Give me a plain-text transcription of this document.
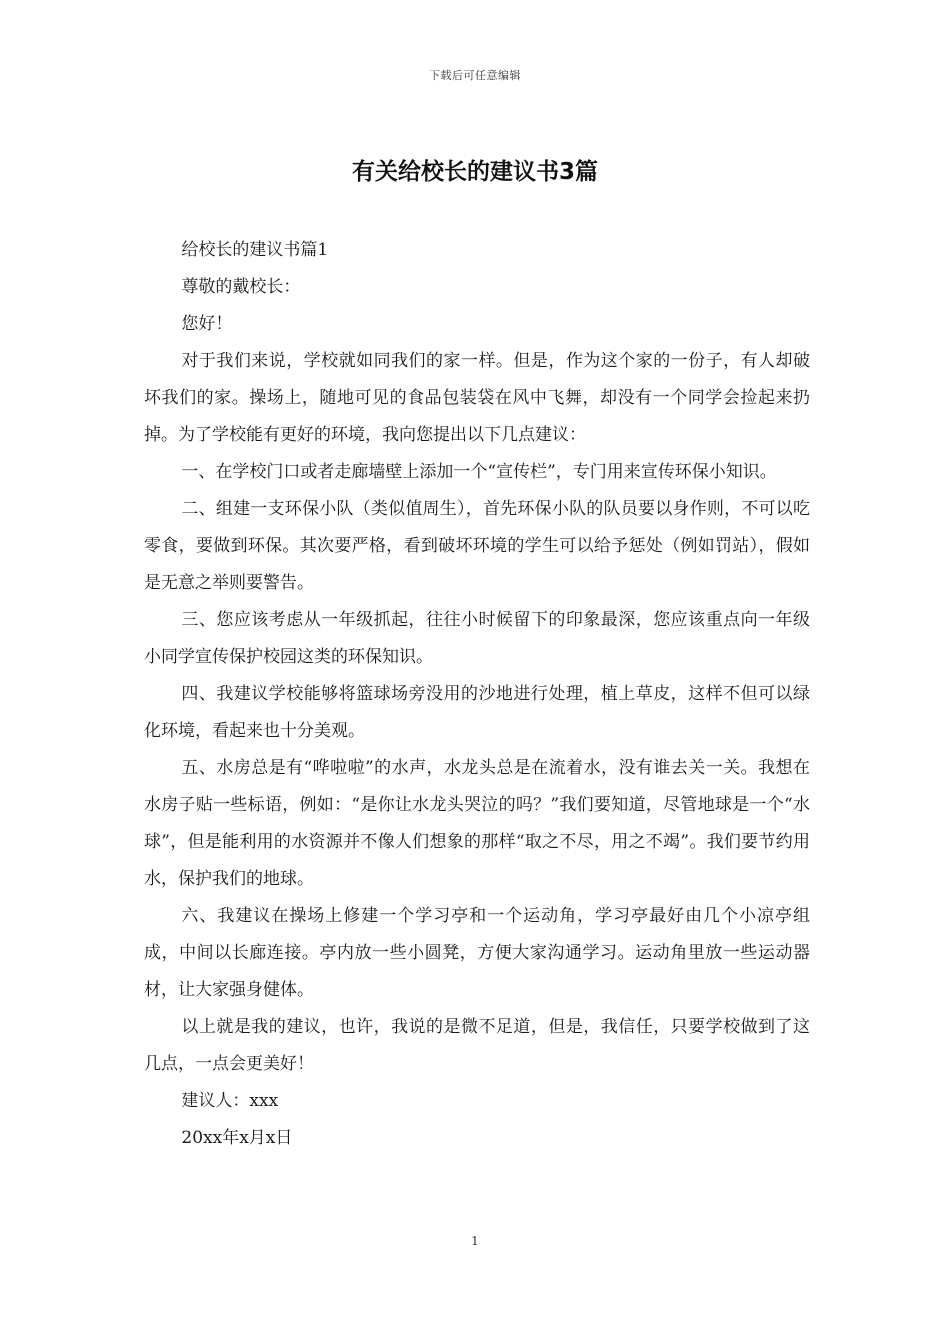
下载后可任意编辑
有关给校长的建议书3篇

给校长的建议书篇1

尊敬的戴校长：

您好！

对于我们来说，学校就如同我们的家一样。但是，作为这个家的一份子，有人却破坏我们的家。操场上，随地可见的食品包装袋在风中飞舞，却没有一个同学会捡起来扔掉。为了学校能有更好的环境，我向您提出以下几点建议：

一、在学校门口或者走廊墙壁上添加一个“宣传栏”，专门用来宣传环保小知识。

二、组建一支环保小队（类似值周生），首先环保小队的队员要以身作则，不可以吃零食，要做到环保。其次要严格，看到破坏环境的学生可以给予惩处（例如罚站），假如是无意之举则要警告。

三、您应该考虑从一年级抓起，往往小时候留下的印象最深，您应该重点向一年级小同学宣传保护校园这类的环保知识。

四、我建议学校能够将篮球场旁没用的沙地进行处理，植上草皮，这样不但可以绿化环境，看起来也十分美观。

五、水房总是有“哗啦啦”的水声，水龙头总是在流着水，没有谁去关一关。我想在水房子贴一些标语，例如：“是你让水龙头哭泣的吗？”我们要知道，尽管地球是一个“水球”，但是能利用的水资源并不像人们想象的那样“取之不尽，用之不竭”。我们要节约用水，保护我们的地球。

六、我建议在操场上修建一个学习亭和一个运动角，学习亭最好由几个小凉亭组成，中间以长廊连接。亭内放一些小圆凳，方便大家沟通学习。运动角里放一些运动器材，让大家强身健体。

以上就是我的建议，也许，我说的是微不足道，但是，我信任，只要学校做到了这几点，一点会更美好！

建议人：xxx

20xx年x月x日

1
